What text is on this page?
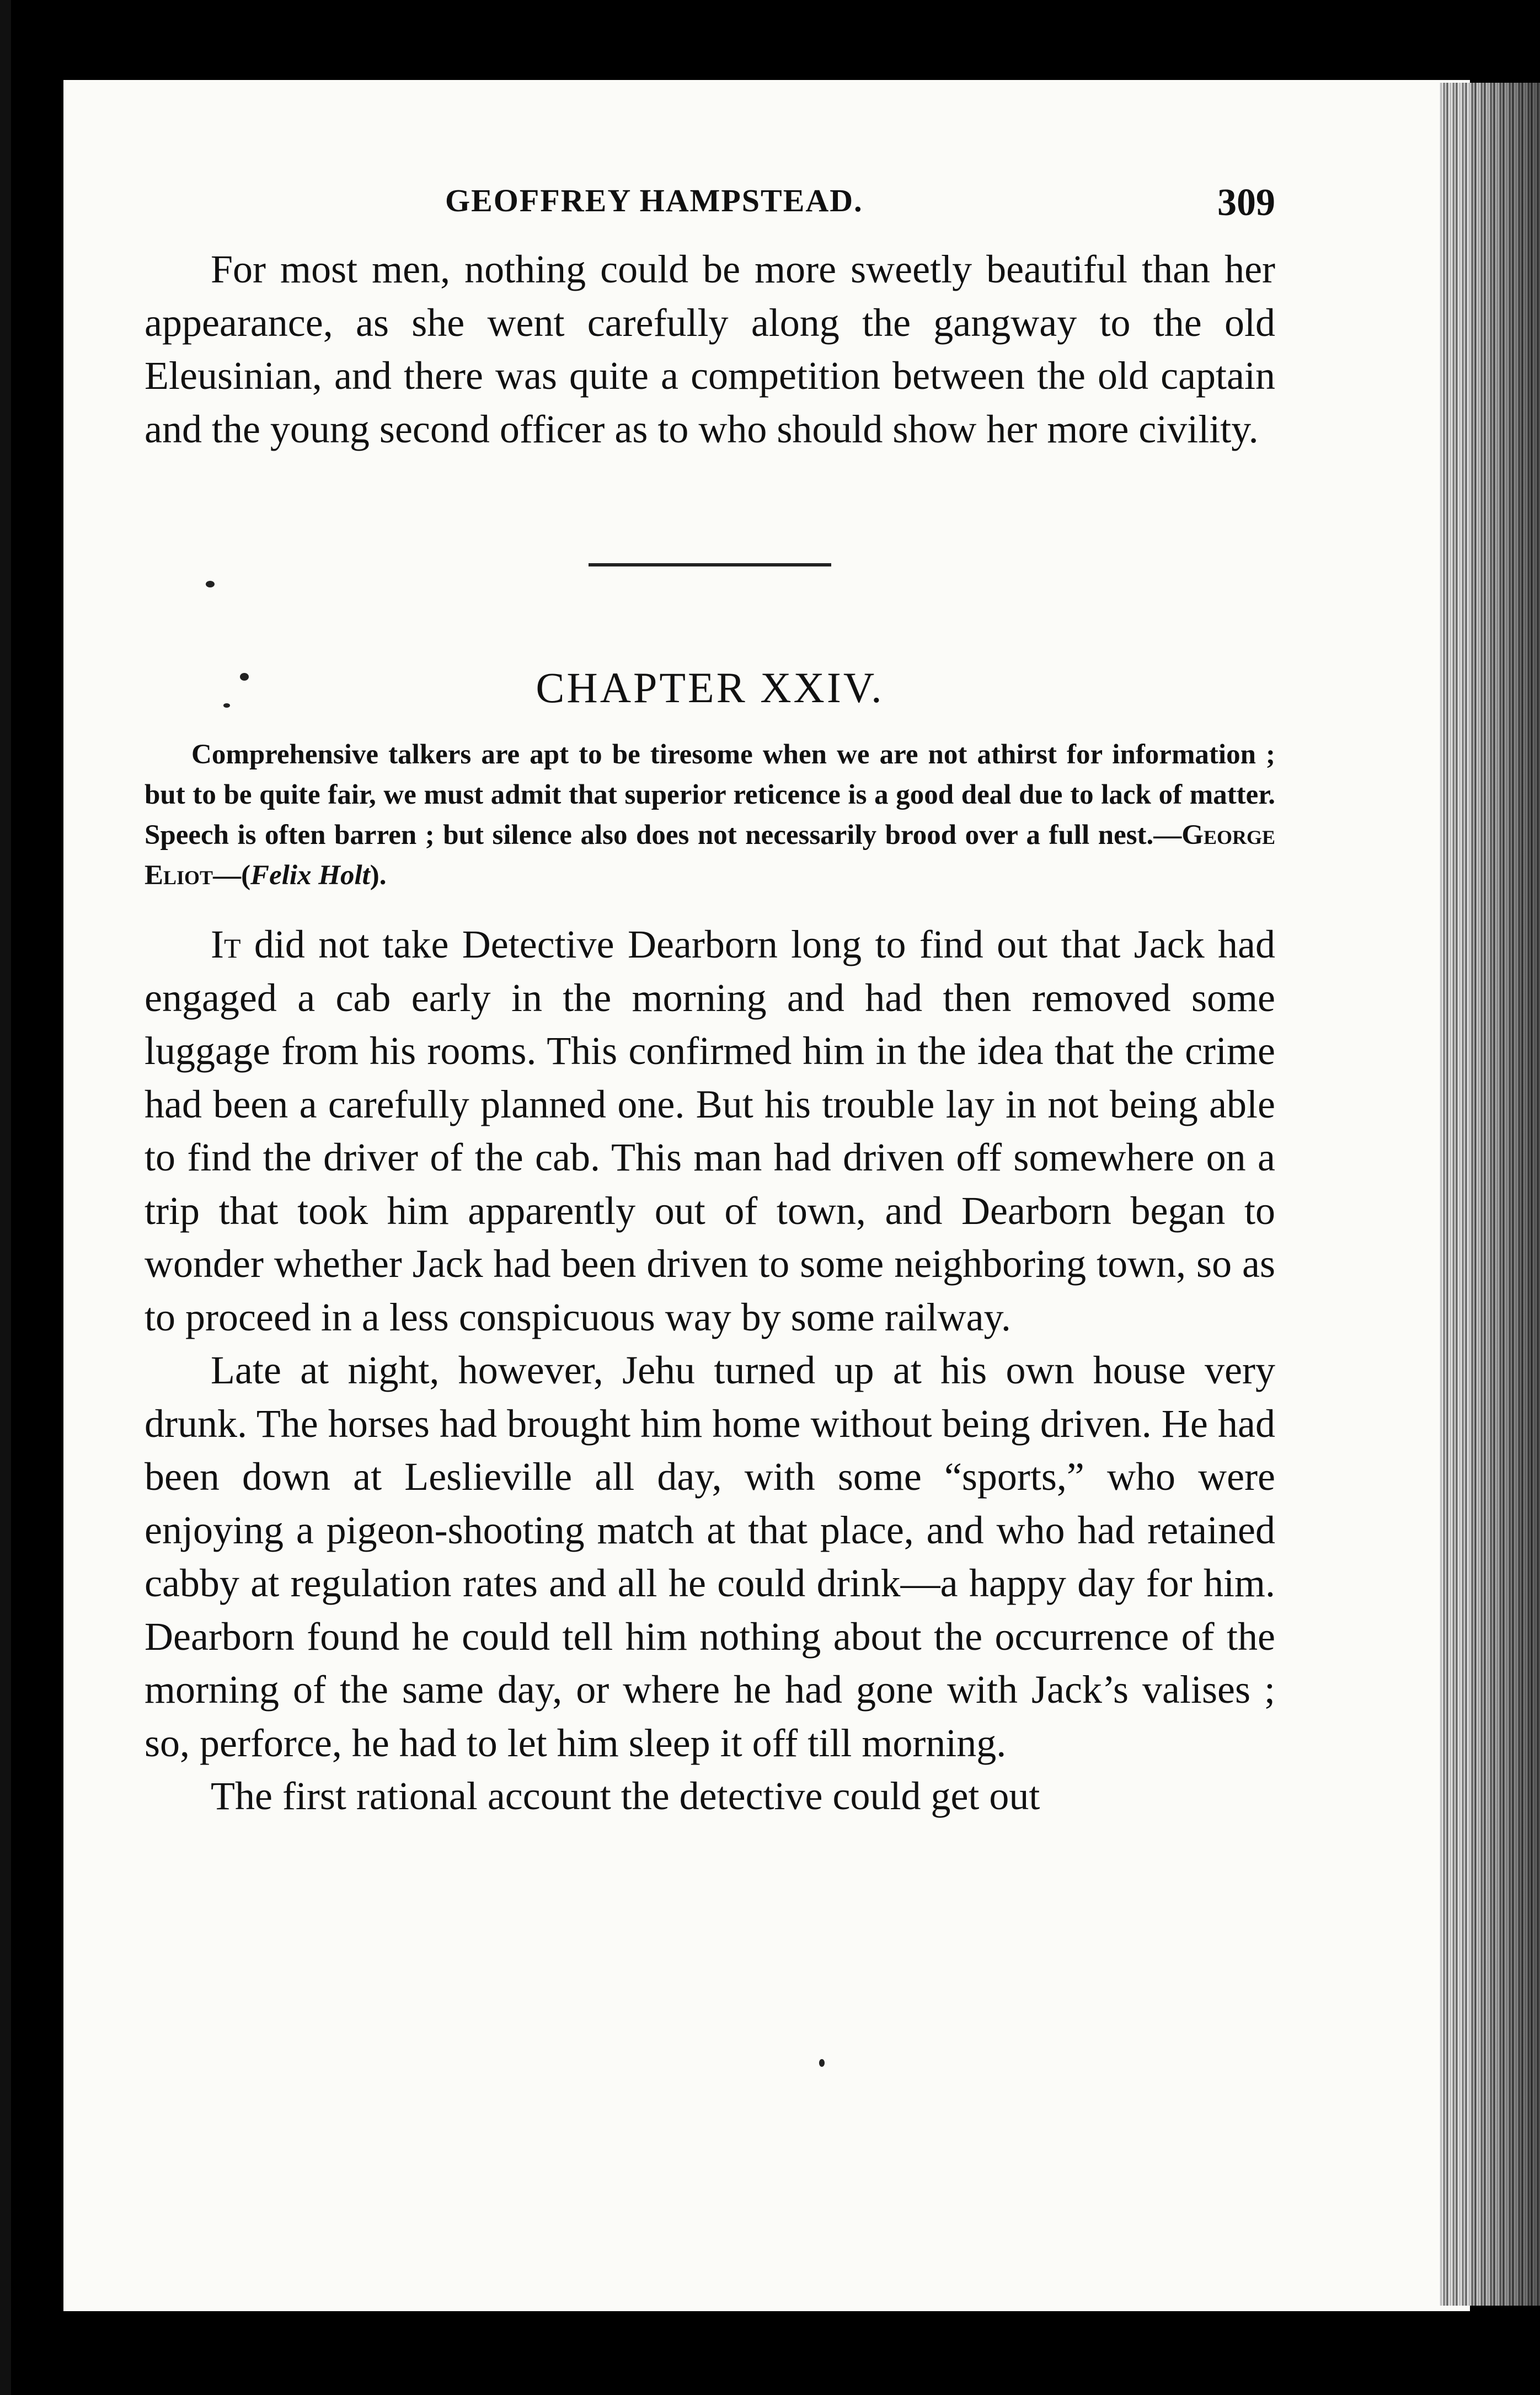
GEOFFREY HAMPSTEAD.	309

For most men, nothing could be more sweetly beautiful than her appearance, as she went carefully along the gangway to the old Eleusinian, and there was quite a competition between the old captain and the young second officer as to who should show her more civility.

CHAPTER XXIV.

Comprehensive talkers are apt to be tiresome when we are not athirst for information ; but to be quite fair, we must admit that superior reticence is a good deal due to lack of matter. Speech is often barren ; but silence also does not necessarily brood over a full nest.—George Eliot—(Felix Holt).

It did not take Detective Dearborn long to find out that Jack had engaged a cab early in the morning and had then removed some luggage from his rooms. This confirmed him in the idea that the crime had been a carefully planned one. But his trouble lay in not being able to find the driver of the cab. This man had driven off somewhere on a trip that took him apparently out of town, and Dearborn began to wonder whether Jack had been driven to some neighboring town, so as to proceed in a less conspicuous way by some railway.

Late at night, however, Jehu turned up at his own house very drunk. The horses had brought him home without being driven. He had been down at Leslieville all day, with some “sports,” who were enjoying a pigeon-shooting match at that place, and who had retained cabby at regulation rates and all he could drink—a happy day for him. Dearborn found he could tell him nothing about the occurrence of the morning of the same day, or where he had gone with Jack’s valises ; so, perforce, he had to let him sleep it off till morning.

The first rational account the detective could get out
